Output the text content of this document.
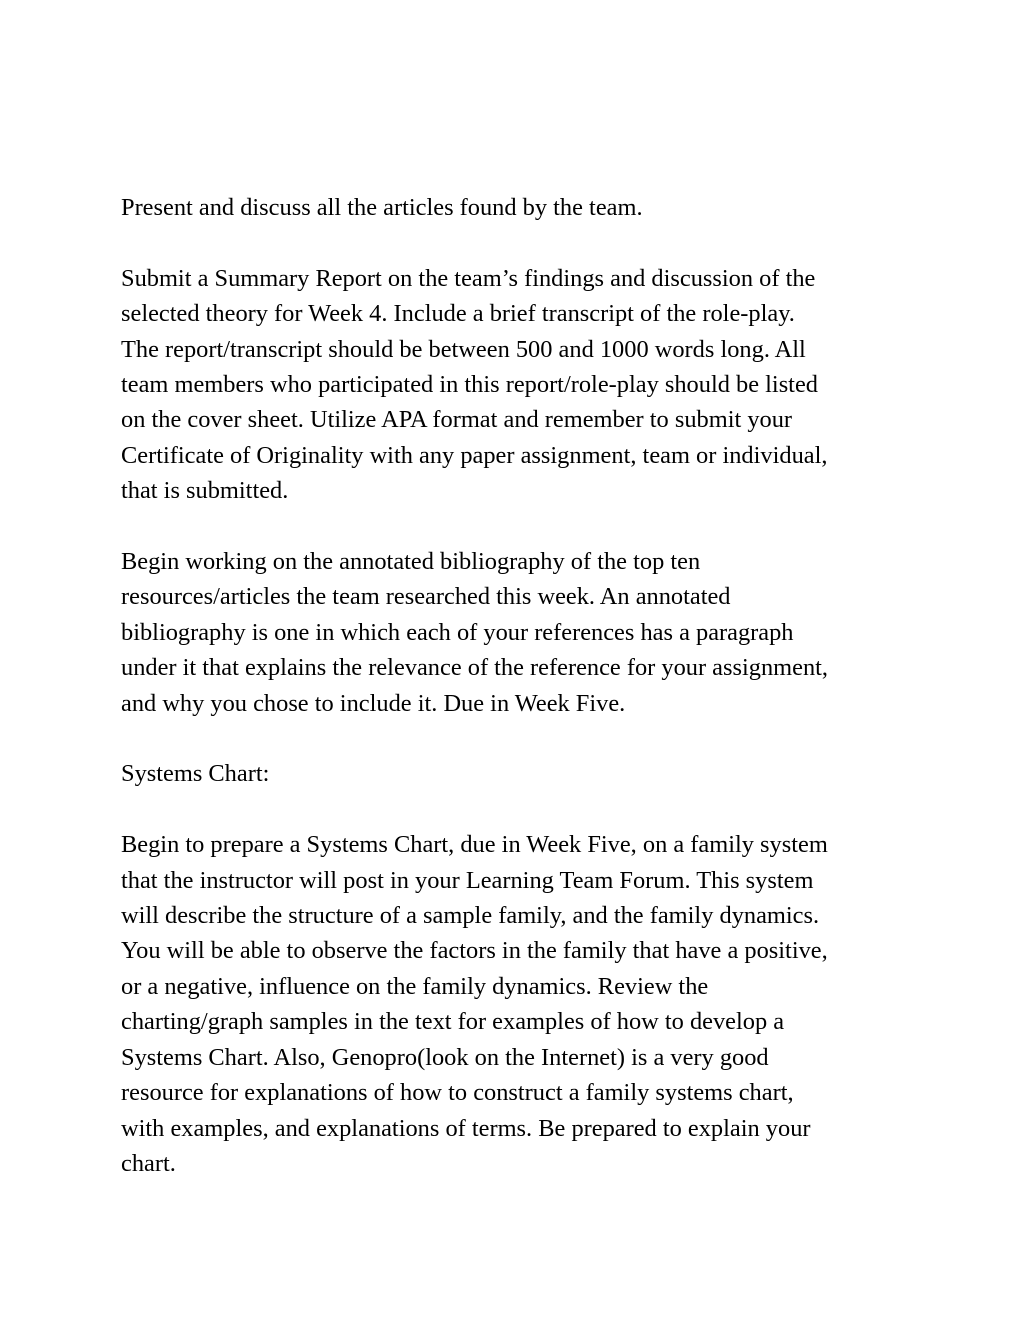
Present and discuss all the articles found by the team.

Submit a Summary Report on the team’s findings and discussion of the
selected theory for Week 4. Include a brief transcript of the role-play.
The report/transcript should be between 500 and 1000 words long. All
team members who participated in this report/role-play should be listed
on the cover sheet. Utilize APA format and remember to submit your
Certificate of Originality with any paper assignment, team or individual,
that is submitted.

Begin working on the annotated bibliography of the top ten
resources/articles the team researched this week. An annotated
bibliography is one in which each of your references has a paragraph
under it that explains the relevance of the reference for your assignment,
and why you chose to include it. Due in Week Five.

Systems Chart:

Begin to prepare a Systems Chart, due in Week Five, on a family system
that the instructor will post in your Learning Team Forum. This system
will describe the structure of a sample family, and the family dynamics.
You will be able to observe the factors in the family that have a positive,
or a negative, influence on the family dynamics. Review the
charting/graph samples in the text for examples of how to develop a
Systems Chart. Also, Genopro(look on the Internet) is a very good
resource for explanations of how to construct a family systems chart,
with examples, and explanations of terms. Be prepared to explain your
chart.
